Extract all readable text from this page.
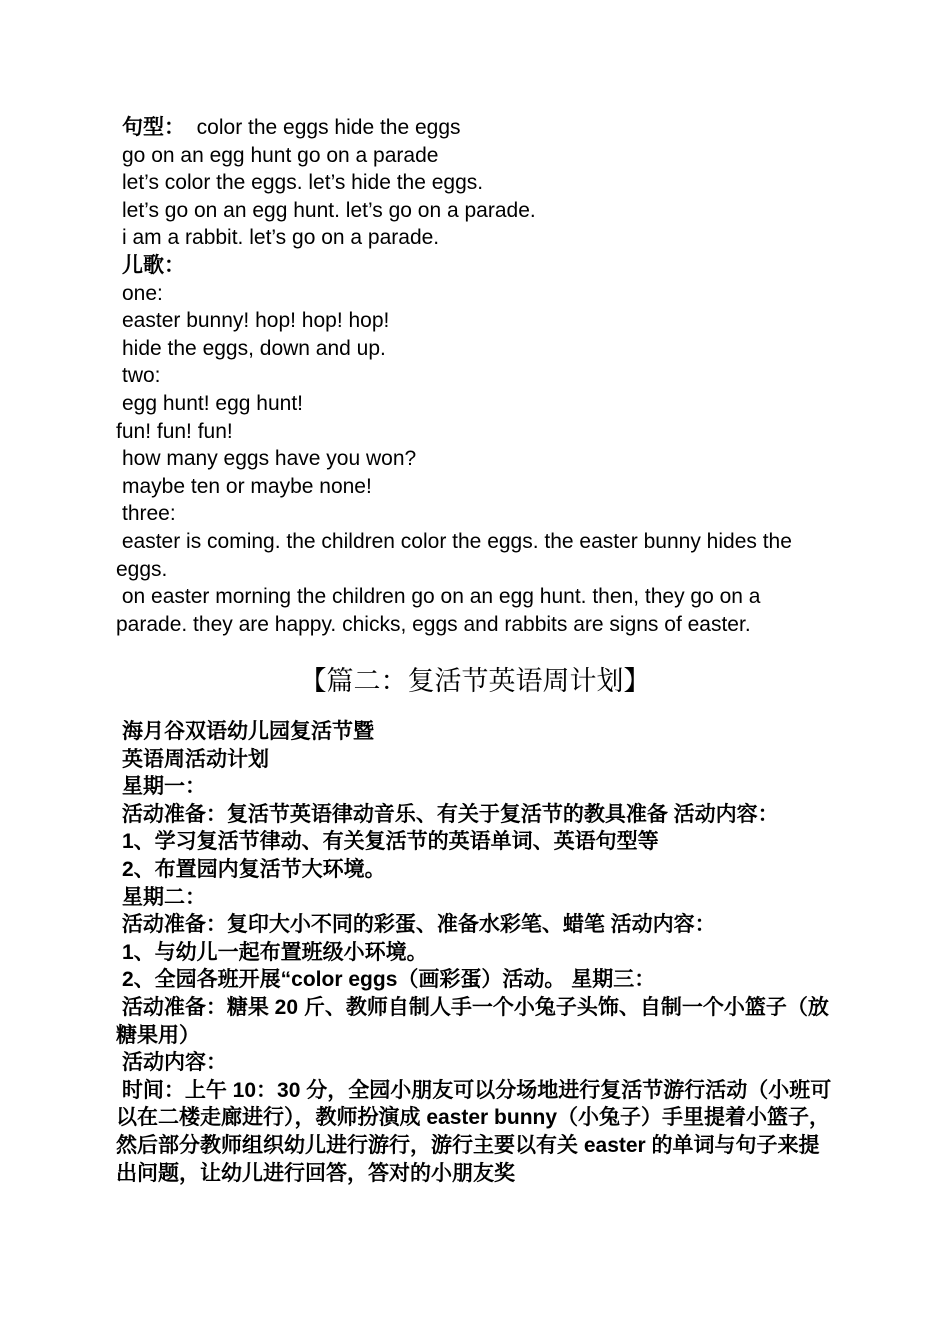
句型： color the eggs hide the eggs
go on an egg hunt go on a parade
let’s color the eggs. let’s hide the eggs.
let’s go on an egg hunt. let’s go on a parade.
i am a rabbit. let’s go on a parade.
儿歌：
one:
easter bunny! hop! hop! hop!
hide the eggs, down and up.
two:
egg hunt! egg hunt!
fun! fun! fun!
how many eggs have you won?
maybe ten or maybe none!
three:
easter is coming. the children color the eggs. the easter bunny hides the eggs.
on easter morning the children go on an egg hunt. then, they go on a parade. they are happy. chicks, eggs and rabbits are signs of easter.
【篇二：复活节英语周计划】
海月谷双语幼儿园复活节暨
英语周活动计划
星期一：
活动准备：复活节英语律动音乐、有关于复活节的教具准备 活动内容：
1、学习复活节律动、有关复活节的英语单词、英语句型等
2、布置园内复活节大环境。
星期二：
活动准备：复印大小不同的彩蛋、准备水彩笔、蜡笔 活动内容：
1、与幼儿一起布置班级小环境。
2、全园各班开展“color eggs（画彩蛋）活动。 星期三：
活动准备：糖果 20 斤、教师自制人手一个小兔子头饰、自制一个小篮子（放糖果用）
活动内容：
时间：上午 10：30 分，全园小朋友可以分场地进行复活节游行活动（小班可以在二楼走廊进行），教师扮演成 easter bunny（小兔子）手里提着小篮子，然后部分教师组织幼儿进行游行，游行主要以有关 easter 的单词与句子来提出问题，让幼儿进行回答，答对的小朋友奖
